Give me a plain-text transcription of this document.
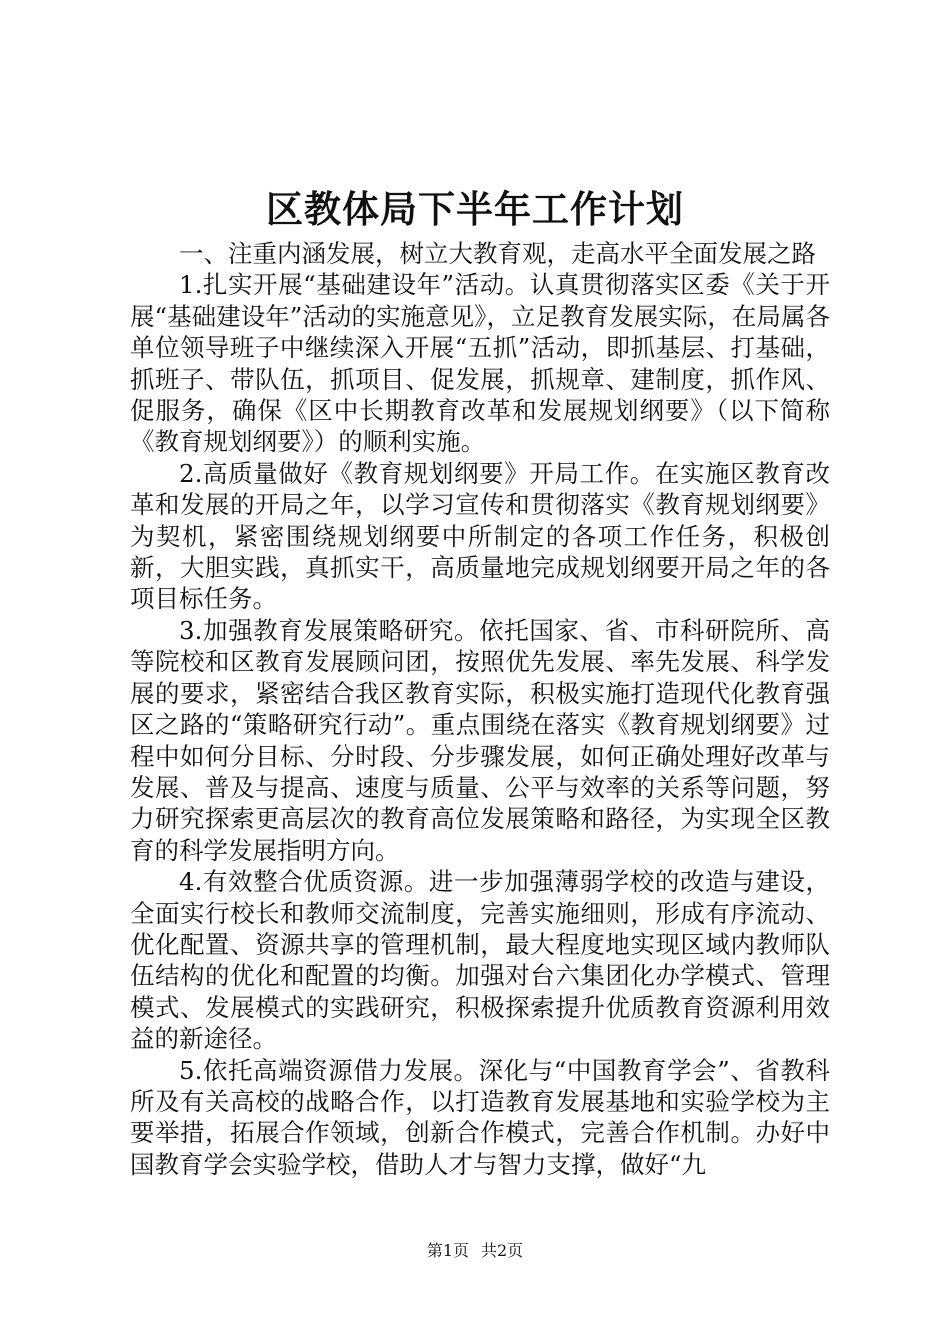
区教体局下半年工作计划

一、注重内涵发展，树立大教育观，走高水平全面发展之路

1.扎实开展“基础建设年”活动。认真贯彻落实区委《关于开展“基础建设年”活动的实施意见》，立足教育发展实际，在局属各单位领导班子中继续深入开展“五抓”活动，即抓基层、打基础，抓班子、带队伍，抓项目、促发展，抓规章、建制度，抓作风、促服务，确保《区中长期教育改革和发展规划纲要》（以下简称《教育规划纲要》）的顺利实施。

2.高质量做好《教育规划纲要》开局工作。在实施区教育改革和发展的开局之年，以学习宣传和贯彻落实《教育规划纲要》为契机，紧密围绕规划纲要中所制定的各项工作任务，积极创新，大胆实践，真抓实干，高质量地完成规划纲要开局之年的各项目标任务。

3.加强教育发展策略研究。依托国家、省、市科研院所、高等院校和区教育发展顾问团，按照优先发展、率先发展、科学发展的要求，紧密结合我区教育实际，积极实施打造现代化教育强区之路的“策略研究行动”。重点围绕在落实《教育规划纲要》过程中如何分目标、分时段、分步骤发展，如何正确处理好改革与发展、普及与提高、速度与质量、公平与效率的关系等问题，努力研究探索更高层次的教育高位发展策略和路径，为实现全区教育的科学发展指明方向。

4.有效整合优质资源。进一步加强薄弱学校的改造与建设，全面实行校长和教师交流制度，完善实施细则，形成有序流动、优化配置、资源共享的管理机制，最大程度地实现区域内教师队伍结构的优化和配置的均衡。加强对台六集团化办学模式、管理模式、发展模式的实践研究，积极探索提升优质教育资源利用效益的新途径。

5.依托高端资源借力发展。深化与“中国教育学会”、省教科所及有关高校的战略合作，以打造教育发展基地和实验学校为主要举措，拓展合作领域，创新合作模式，完善合作机制。办好中国教育学会实验学校，借助人才与智力支撑，做好“九

第1页 共2页
